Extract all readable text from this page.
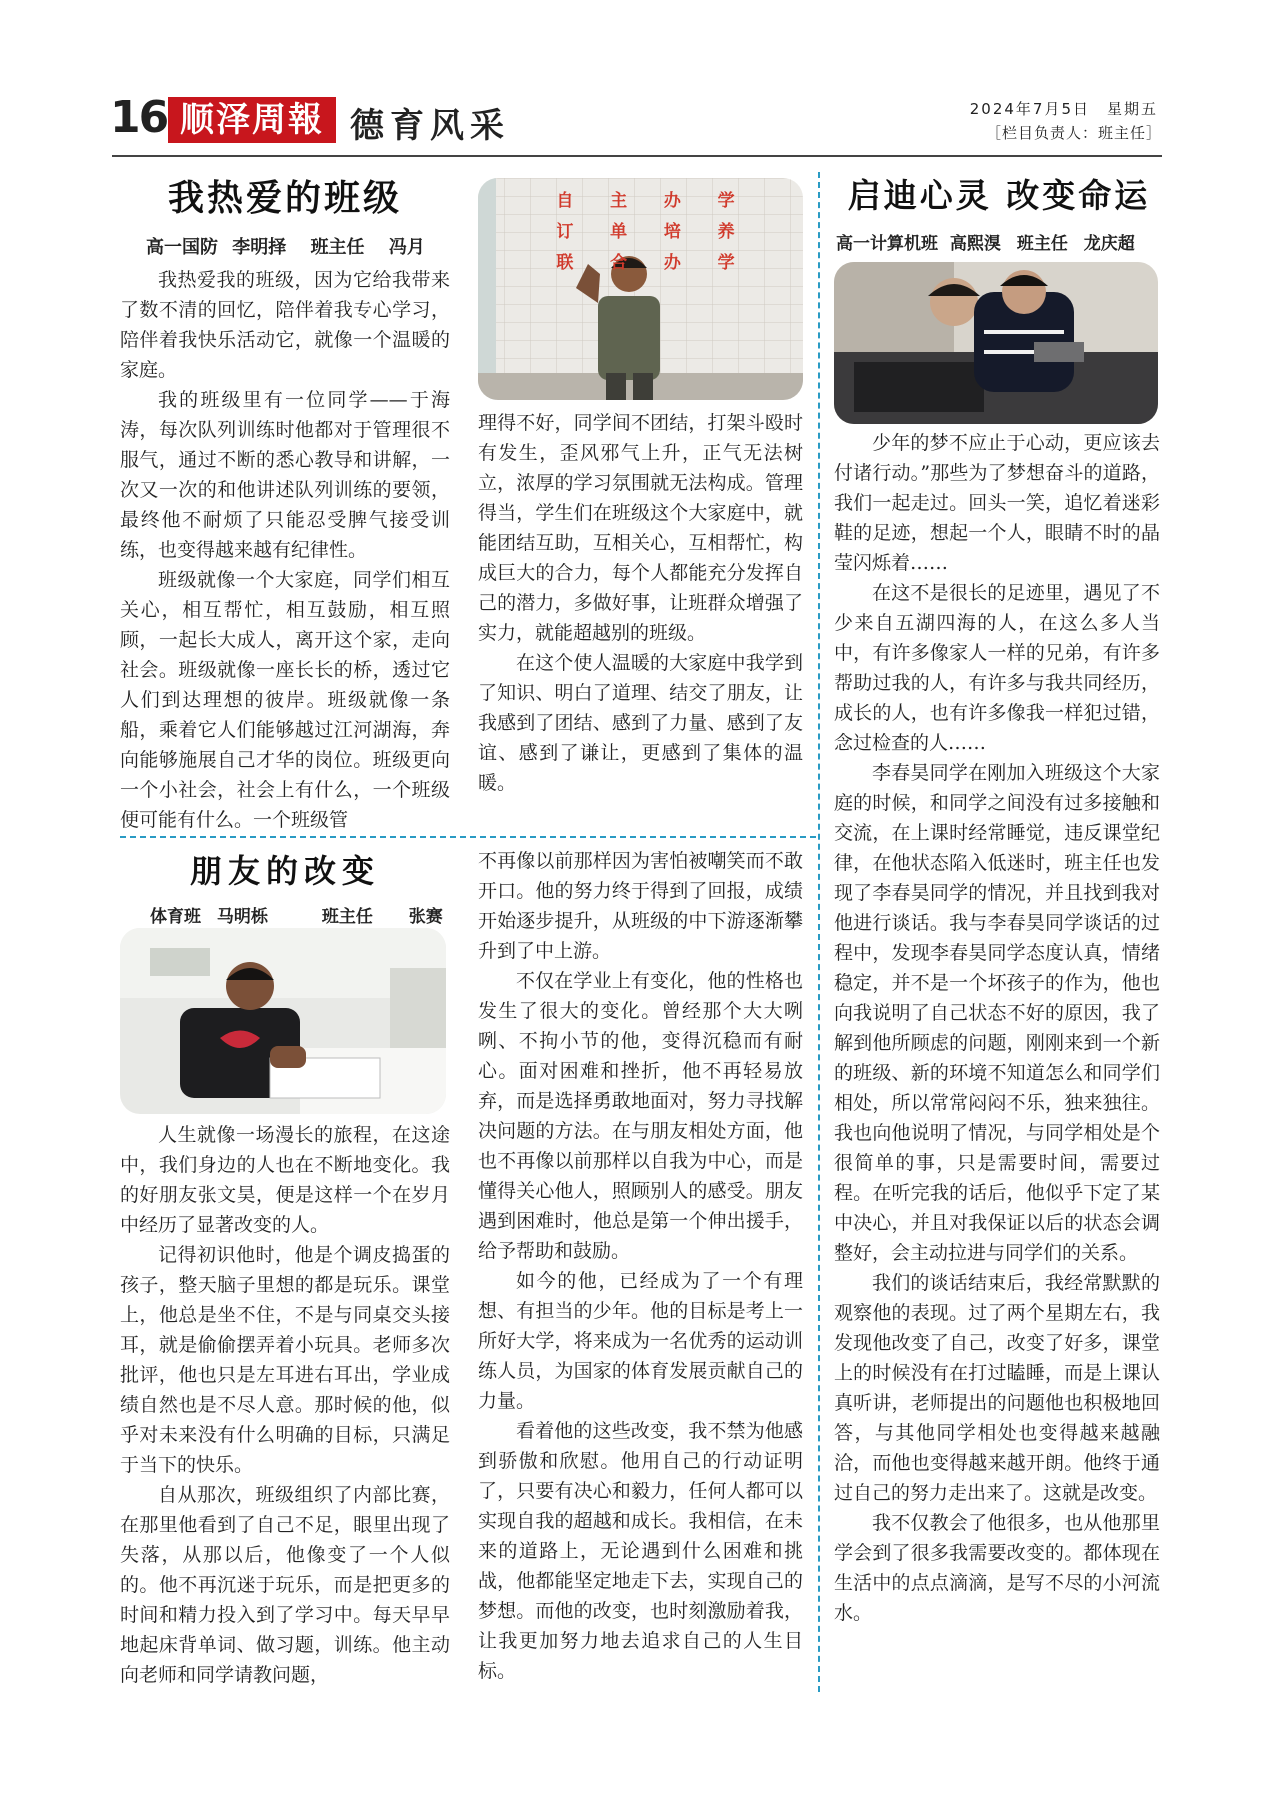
16 顺泽周報 德育风采	2024年7月5日　星期五
［栏目负责人：班主任］
我热爱的班级
高一国防 李明择 班主任 冯月

我热爱我的班级，因为它给我带来了数不清的回忆，陪伴着我专心学习，陪伴着我快乐活动它，就像一个温暖的家庭。

我的班级里有一位同学——于海涛，每次队列训练时他都对于管理很不服气，通过不断的悉心教导和讲解，一次又一次的和他讲述队列训练的要领，最终他不耐烦了只能忍受脾气接受训练，也变得越来越有纪律性。

班级就像一个大家庭，同学们相互关心，相互帮忙，相互鼓励，相互照顾，一起长大成人，离开这个家，走向社会。班级就像一座长长的桥，透过它人们到达理想的彼岸。班级就像一条船，乘着它人们能够越过江河湖海，奔向能够施展自己才华的岗位。班级更向一个小社会，社会上有什么，一个班级便可能有什么。一个班级管

自	主	办	学
订	单	培	养
联	合	办	学

理得不好，同学间不团结，打架斗殴时有发生，歪风邪气上升，正气无法树立，浓厚的学习氛围就无法构成。管理得当，学生们在班级这个大家庭中，就能团结互助，互相关心，互相帮忙，构成巨大的合力，每个人都能充分发挥自己的潜力，多做好事，让班群众增强了实力，就能超越别的班级。

在这个使人温暖的大家庭中我学到了知识、明白了道理、结交了朋友，让我感到了团结、感到了力量、感到了友谊、感到了谦让，更感到了集体的温暖。

朋友的改变
体育班 马明栎	班主任 张赛

人生就像一场漫长的旅程，在这途中，我们身边的人也在不断地变化。我的好朋友张文昊，便是这样一个在岁月中经历了显著改变的人。

记得初识他时，他是个调皮捣蛋的孩子，整天脑子里想的都是玩乐。课堂上，他总是坐不住，不是与同桌交头接耳，就是偷偷摆弄着小玩具。老师多次批评，他也只是左耳进右耳出，学业成绩自然也是不尽人意。那时候的他，似乎对未来没有什么明确的目标，只满足于当下的快乐。

自从那次，班级组织了内部比赛，在那里他看到了自己不足，眼里出现了失落，从那以后，他像变了一个人似的。他不再沉迷于玩乐，而是把更多的时间和精力投入到了学习中。每天早早地起床背单词、做习题，训练。他主动向老师和同学请教问题，

不再像以前那样因为害怕被嘲笑而不敢开口。他的努力终于得到了回报，成绩开始逐步提升，从班级的中下游逐渐攀升到了中上游。

不仅在学业上有变化，他的性格也发生了很大的变化。曾经那个大大咧咧、不拘小节的他，变得沉稳而有耐心。面对困难和挫折，他不再轻易放弃，而是选择勇敢地面对，努力寻找解决问题的方法。在与朋友相处方面，他也不再像以前那样以自我为中心，而是懂得关心他人，照顾别人的感受。朋友遇到困难时，他总是第一个伸出援手，给予帮助和鼓励。

如今的他，已经成为了一个有理想、有担当的少年。他的目标是考上一所好大学，将来成为一名优秀的运动训练人员，为国家的体育发展贡献自己的力量。

看着他的这些改变，我不禁为他感到骄傲和欣慰。他用自己的行动证明了，只要有决心和毅力，任何人都可以实现自我的超越和成长。我相信，在未来的道路上，无论遇到什么困难和挑战，他都能坚定地走下去，实现自己的梦想。而他的改变，也时刻激励着我，让我更加努力地去追求自己的人生目标。

启迪心灵 改变命运
高一计算机班 高熙湨 班主任 龙庆超

少年的梦不应止于心动，更应该去付诸行动。”那些为了梦想奋斗的道路，我们一起走过。回头一笑，追忆着迷彩鞋的足迹，想起一个人，眼睛不时的晶莹闪烁着……

在这不是很长的足迹里，遇见了不少来自五湖四海的人，在这么多人当中，有许多像家人一样的兄弟，有许多帮助过我的人，有许多与我共同经历，成长的人，也有许多像我一样犯过错，念过检查的人……

李春昊同学在刚加入班级这个大家庭的时候，和同学之间没有过多接触和交流，在上课时经常睡觉，违反课堂纪律，在他状态陷入低迷时，班主任也发现了李春昊同学的情况，并且找到我对他进行谈话。我与李春昊同学谈话的过程中，发现李春昊同学态度认真，情绪稳定，并不是一个坏孩子的作为，他也向我说明了自己状态不好的原因，我了解到他所顾虑的问题，刚刚来到一个新的班级、新的环境不知道怎么和同学们相处，所以常常闷闷不乐，独来独往。我也向他说明了情况，与同学相处是个很简单的事，只是需要时间，需要过程。在听完我的话后，他似乎下定了某中决心，并且对我保证以后的状态会调整好，会主动拉进与同学们的关系。

我们的谈话结束后，我经常默默的观察他的表现。过了两个星期左右，我发现他改变了自己，改变了好多，课堂上的时候没有在打过瞌睡，而是上课认真听讲，老师提出的问题他也积极地回答，与其他同学相处也变得越来越融洽，而他也变得越来越开朗。他终于通过自己的努力走出来了。这就是改变。

我不仅教会了他很多，也从他那里学会到了很多我需要改变的。都体现在生活中的点点滴滴，是写不尽的小河流水。
